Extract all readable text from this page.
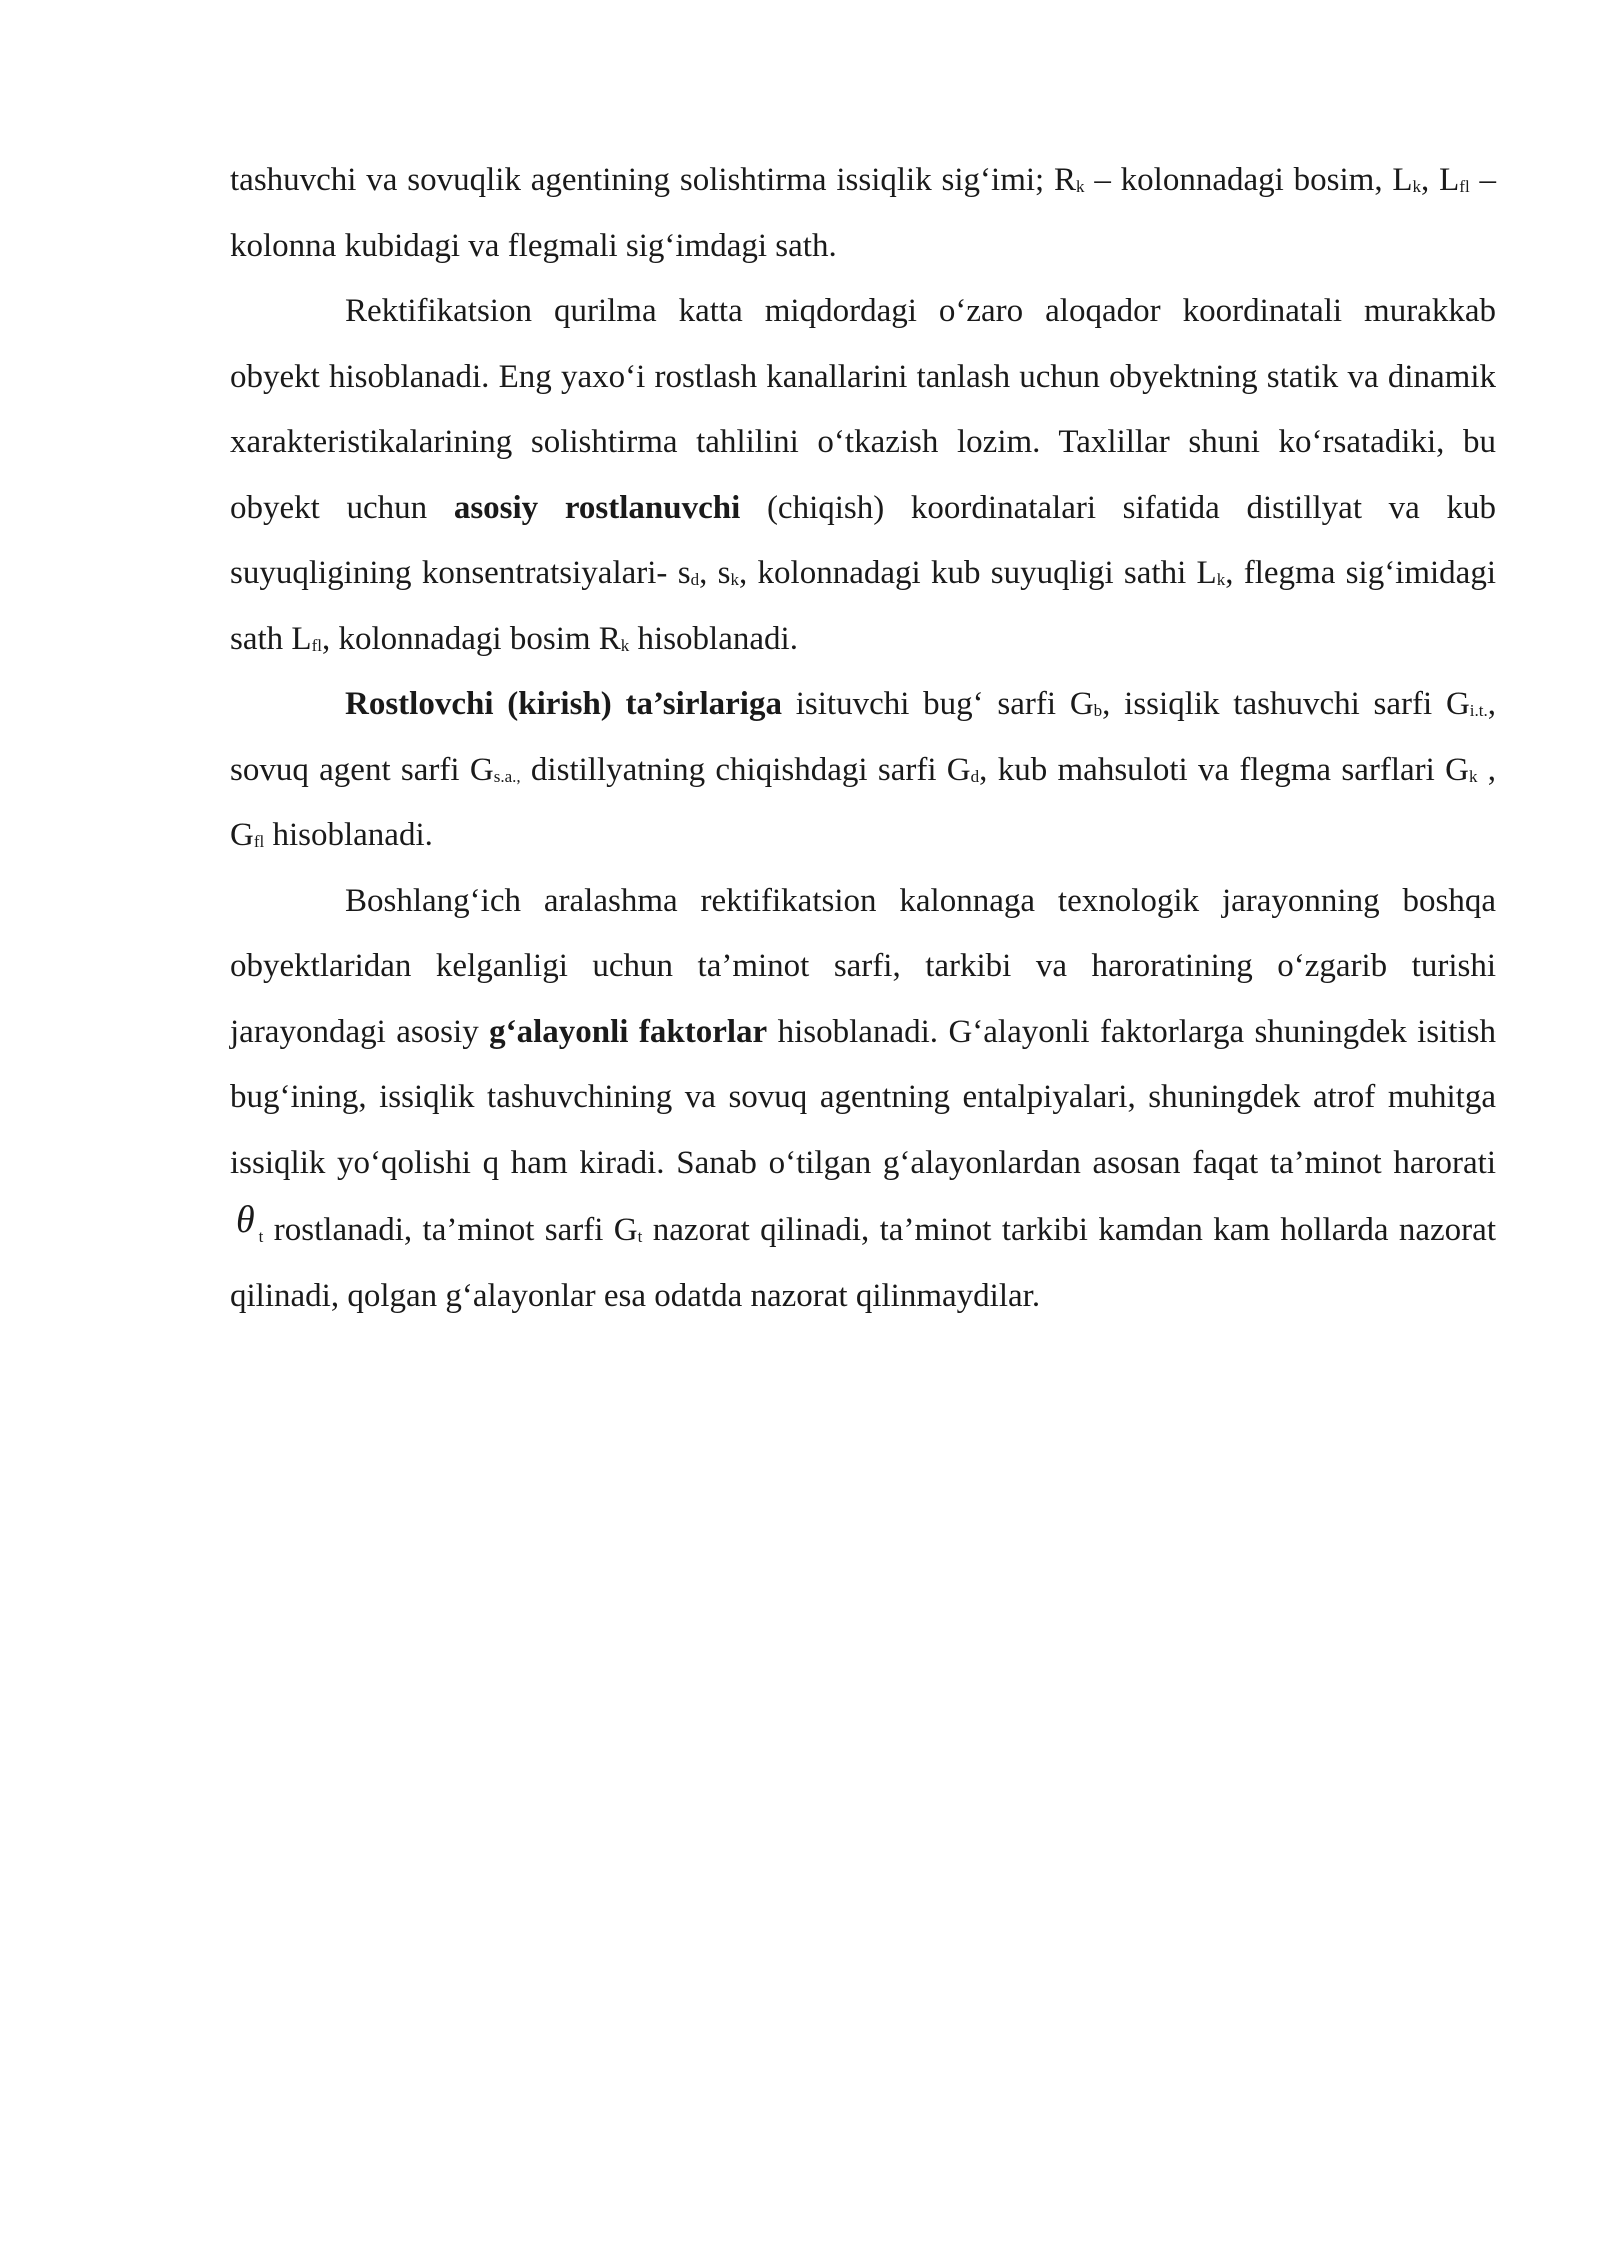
tashuvchi va sovuqlik agentining solishtirma issiqlik sig‘imi; $R_k$ – kolonnadagi bosim, $L_k$, $L_{fl}$ – kolonna kubidagi va flegmali sig‘imdagi sath.

Rektifikatsion qurilma katta miqdordagi o‘zaro aloqador koordinatali murakkab obyekt hisoblanadi. Eng yaxo‘i rostlash kanallarini tanlash uchun obyektning statik va dinamik xarakteristikalarining solishtirma tahlilini o‘tkazish lozim. Taxlillar shuni ko‘rsatadiki, bu obyekt uchun asosiy rostlanuvchi (chiqish) koordinatalari sifatida distillyat va kub suyuqligining konsentratsiyalari- $s_d$, $s_k$, kolonnadagi kub suyuqligi sathi $L_k$, flegma sig‘imidagi sath $L_{fl}$, kolonnadagi bosim $R_k$ hisoblanadi.

Rostlovchi (kirish) ta’sirlariga isituvchi bug‘ sarfi $G_b$, issiqlik tashuvchi sarfi $G_{i.t.}$, sovuq agent sarfi $G_{s.a.,}$ distillyatning chiqishdagi sarfi $G_d$, kub mahsuloti va flegma sarflari $G_k$ , $G_{fl}$ hisoblanadi.

Boshlang‘ich aralashma rektifikatsion kalonnaga texnologik jarayonning boshqa obyektlaridan kelganligi uchun ta’minot sarfi, tarkibi va haroratining o‘zgarib turishi jarayondagi asosiy g‘alayonli faktorlar hisoblanadi. G‘alayonli faktorlarga shuningdek isitish bug‘ining, issiqlik tashuvchining va sovuq agentning entalpiyalari, shuningdek atrof muhitga issiqlik yo‘qolishi q ham kiradi. Sanab o‘tilgan g‘alayonlardan asosan faqat ta’minot harorati θ $_t$ rostlanadi, ta’minot sarfi $G_t$ nazorat qilinadi, ta’minot tarkibi kamdan kam hollarda nazorat qilinadi, qolgan g‘alayonlar esa odatda nazorat qilinmaydilar.
